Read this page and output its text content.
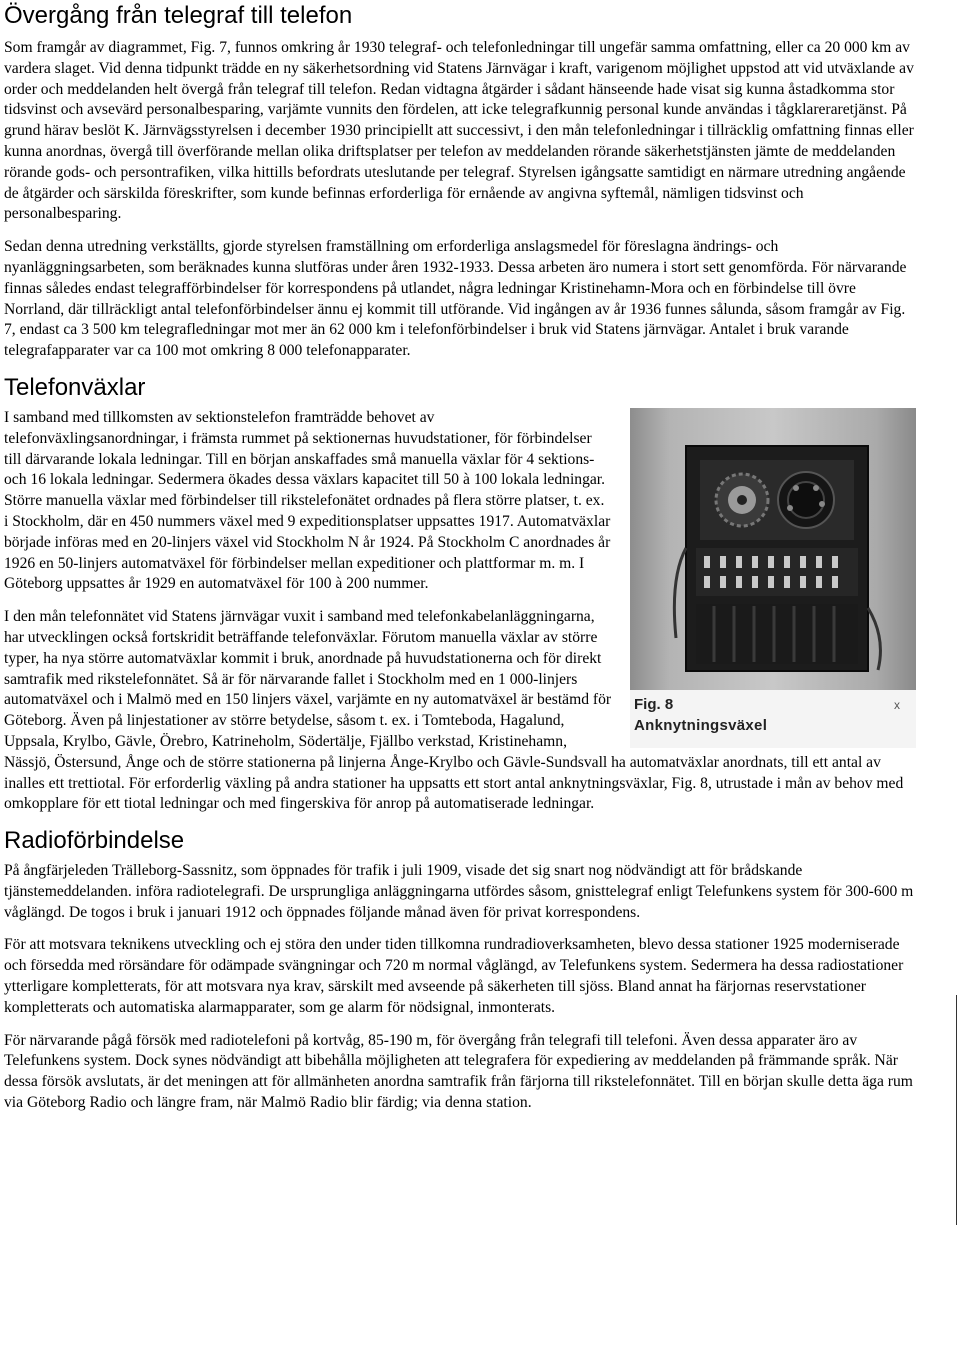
Övergång från telegraf till telefon

Som framgår av diagrammet, Fig. 7, funnos omkring år 1930 telegraf- och telefonledningar till ungefär samma omfattning, eller ca 20 000 km av vardera slaget. Vid denna tidpunkt trädde en ny säkerhetsordning vid Statens Järnvägar i kraft, varigenom möjlighet uppstod att vid utväxlande av order och meddelanden helt övergå från telegraf till telefon. Redan vidtagna åtgärder i sådant hänseende hade visat sig kunna åstadkomma stor tidsvinst och avsevärd personalbesparing, varjämte vunnits den fördelen, att icke telegrafkunnig personal kunde användas i tågklareraretjänst. På grund härav beslöt K. Järnvägsstyrelsen i december 1930 principiellt att successivt, i den mån telefonledningar i tillräcklig omfattning finnas eller kunna anordnas, övergå till överförande mellan olika driftsplatser per telefon av meddelanden rörande säkerhetstjänsten jämte de meddelanden rörande gods- och persontrafiken, vilka hittills befordrats uteslutande per telegraf. Styrelsen igångsatte samtidigt en närmare utredning angående de åtgärder och särskilda föreskrifter, som kunde befinnas erforderliga för ernående av angivna syftemål, nämligen tidsvinst och personalbesparing.

Sedan denna utredning verkställts, gjorde styrelsen framställning om erforderliga anslagsmedel för föreslagna ändrings- och nyanläggningsarbeten, som beräknades kunna slutföras under åren 1932-1933. Dessa arbeten äro numera i stort sett genomförda. För närvarande finnas således endast telegrafförbindelser för korrespondens på utlandet, några ledningar Kristinehamn-Mora och en förbindelse till övre Norrland, där tillräckligt antal telefonförbindelser ännu ej kommit till utförande. Vid ingången av år 1936 funnes sålunda, såsom framgår av Fig. 7, endast ca 3 500 km telegrafledningar mot mer än 62 000 km i telefonförbindelser i bruk vid Statens järnvägar. Antalet i bruk varande telegrafapparater var ca 100 mot omkring 8 000 telefonapparater.

Telefonväxlar
Fig. 8
Anknytningsväxel
x

I samband med tillkomsten av sektionstelefon framträdde behovet av telefonväxlingsanordningar, i främsta rummet på sektionernas huvudstationer, för förbindelser till därvarande lokala ledningar. Till en början anskaffades små manuella växlar för 4 sektions- och 16 lokala ledningar. Sedermera ökades dessa växlars kapacitet till 50 à 100 lokala ledningar. Större manuella växlar med förbindelser till rikstelefonätet ordnades på flera större platser, t. ex. i Stockholm, där en 450 nummers växel med 9 expeditionsplatser uppsattes 1917. Automatväxlar började införas med en 20-linjers växel vid Stockholm N år 1924. På Stockholm C anordnades år 1926 en 50-linjers automatväxel för förbindelser mellan expeditioner och plattformar m. m. I Göteborg uppsattes år 1929 en automatväxel för 100 à 200 nummer.

I den mån telefonnätet vid Statens järnvägar vuxit i samband med telefonkabelanläggningarna, har utvecklingen också fortskridit beträffande telefonväxlar. Förutom manuella växlar av större typer, ha nya större automatväxlar kommit i bruk, anordnade på huvudstationerna och för direkt samtrafik med rikstelefonnätet. Så är för närvarande fallet i Stockholm med en 1 000-linjers automatväxel och i Malmö med en 150 linjers växel, varjämte en ny automatväxel är bestämd för Göteborg. Även på linjestationer av större betydelse, såsom t. ex. i Tomteboda, Hagalund, Uppsala, Krylbo, Gävle, Örebro, Katrineholm, Södertälje, Fjällbo verkstad, Kristinehamn, Nässjö, Östersund, Ånge och de större stationerna på linjerna Ånge-Krylbo och Gävle-Sundsvall ha automatväxlar anordnats, till ett antal av inalles ett trettiotal. För erforderlig växling på andra stationer ha uppsatts ett stort antal anknytningsväxlar, Fig. 8, utrustade i mån av behov med omkopplare för ett tiotal ledningar och med fingerskiva för anrop på automatiserade ledningar.

Radioförbindelse

På ångfärjeleden Trälleborg-Sassnitz, som öppnades för trafik i juli 1909, visade det sig snart nog nödvändigt att för brådskande tjänstemeddelanden. införa radiotelegrafi. De ursprungliga anläggningarna utfördes såsom, gnisttelegraf enligt Telefunkens system för 300-600 m våglängd. De togos i bruk i januari 1912 och öppnades följande månad även för privat korrespondens.

För att motsvara teknikens utveckling och ej störa den under tiden tillkomna rundradioverksamheten, blevo dessa stationer 1925 moderniserade och försedda med rörsändare för odämpade svängningar och 720 m normal våglängd, av Telefunkens system. Sedermera ha dessa radiostationer ytterligare kompletterats, för att motsvara nya krav, särskilt med avseende på säkerheten till sjöss. Bland annat ha färjornas reservstationer kompletterats och automatiska alarmapparater, som ge alarm för nödsignal, inmonterats.

För närvarande pågå försök med radiotelefoni på kortvåg, 85-190 m, för övergång från telegrafi till telefoni. Även dessa apparater äro av Telefunkens system. Dock synes nödvändigt att bibehålla möjligheten att telegrafera för expediering av meddelanden på främmande språk. När dessa försök avslutats, är det meningen att för allmänheten anordna samtrafik från färjorna till rikstelefonnätet. Till en början skulle detta äga rum via Göteborg Radio och längre fram, när Malmö Radio blir färdig; via denna station.
